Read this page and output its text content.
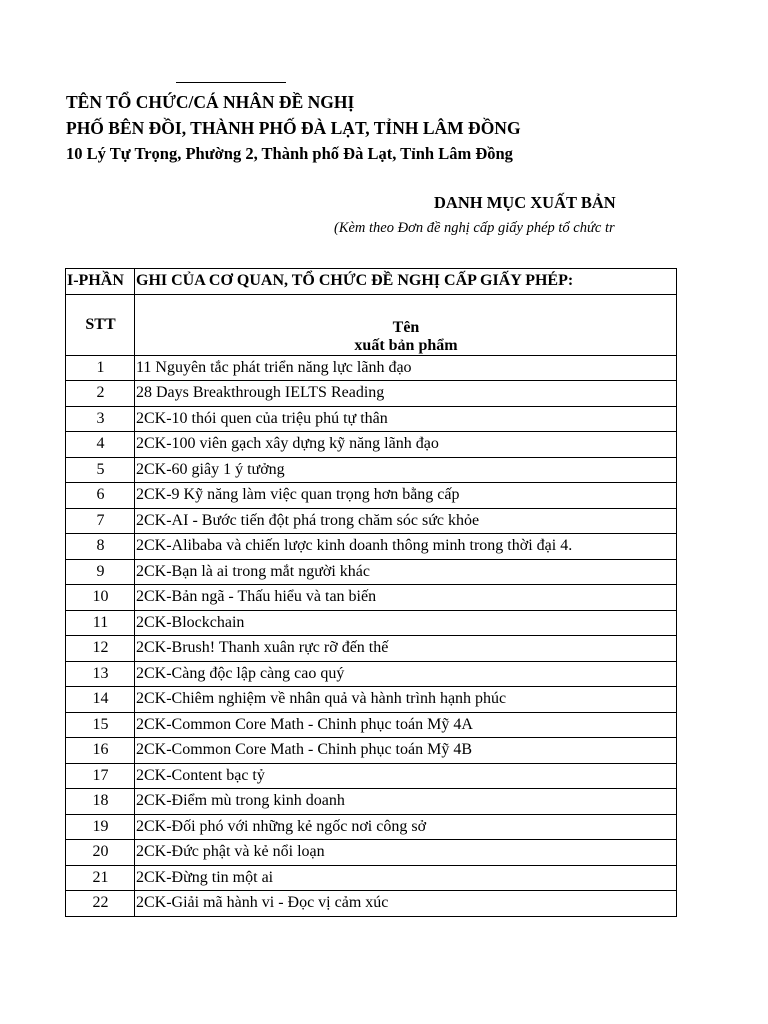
TÊN TỔ CHỨC/CÁ NHÂN ĐỀ NGHỊ
PHỐ BÊN ĐỒI, THÀNH PHỐ ĐÀ LẠT, TỈNH LÂM ĐỒNG
10 Lý Tự Trọng, Phường 2, Thành phố Đà Lạt, Tỉnh Lâm Đồng
DANH MỤC XUẤT BẢN
(Kèm theo Đơn đề nghị cấp giấy phép tổ chức tr
I-PHẦN	GHI CỦA CƠ QUAN, TỔ CHỨC ĐỀ NGHỊ CẤP GIẤY PHÉP:
STT	Tên
xuất bản phẩm

1	11 Nguyên tắc phát triển năng lực lãnh đạo
2	28 Days Breakthrough IELTS Reading
3	2CK-10 thói quen của triệu phú tự thân
4	2CK-100 viên gạch xây dựng kỹ năng lãnh đạo
5	2CK-60 giây 1 ý tưởng
6	2CK-9 Kỹ năng làm việc quan trọng hơn bằng cấp
7	2CK-AI - Bước tiến đột phá trong chăm sóc sức khỏe
8	2CK-Alibaba và chiến lược kinh doanh thông minh trong thời đại 4.
9	2CK-Bạn là ai trong mắt người khác
10	2CK-Bản ngã - Thấu hiểu và tan biến
11	2CK-Blockchain
12	2CK-Brush! Thanh xuân rực rỡ đến thế
13	2CK-Càng độc lập càng cao quý
14	2CK-Chiêm nghiệm về nhân quả và hành trình hạnh phúc
15	2CK-Common Core Math - Chinh phục toán Mỹ 4A
16	2CK-Common Core Math - Chinh phục toán Mỹ 4B
17	2CK-Content bạc tỷ
18	2CK-Điểm mù trong kinh doanh
19	2CK-Đối phó với những kẻ ngốc nơi công sở
20	2CK-Đức phật và kẻ nổi loạn
21	2CK-Đừng tin một ai
22	2CK-Giải mã hành vi - Đọc vị cảm xúc
